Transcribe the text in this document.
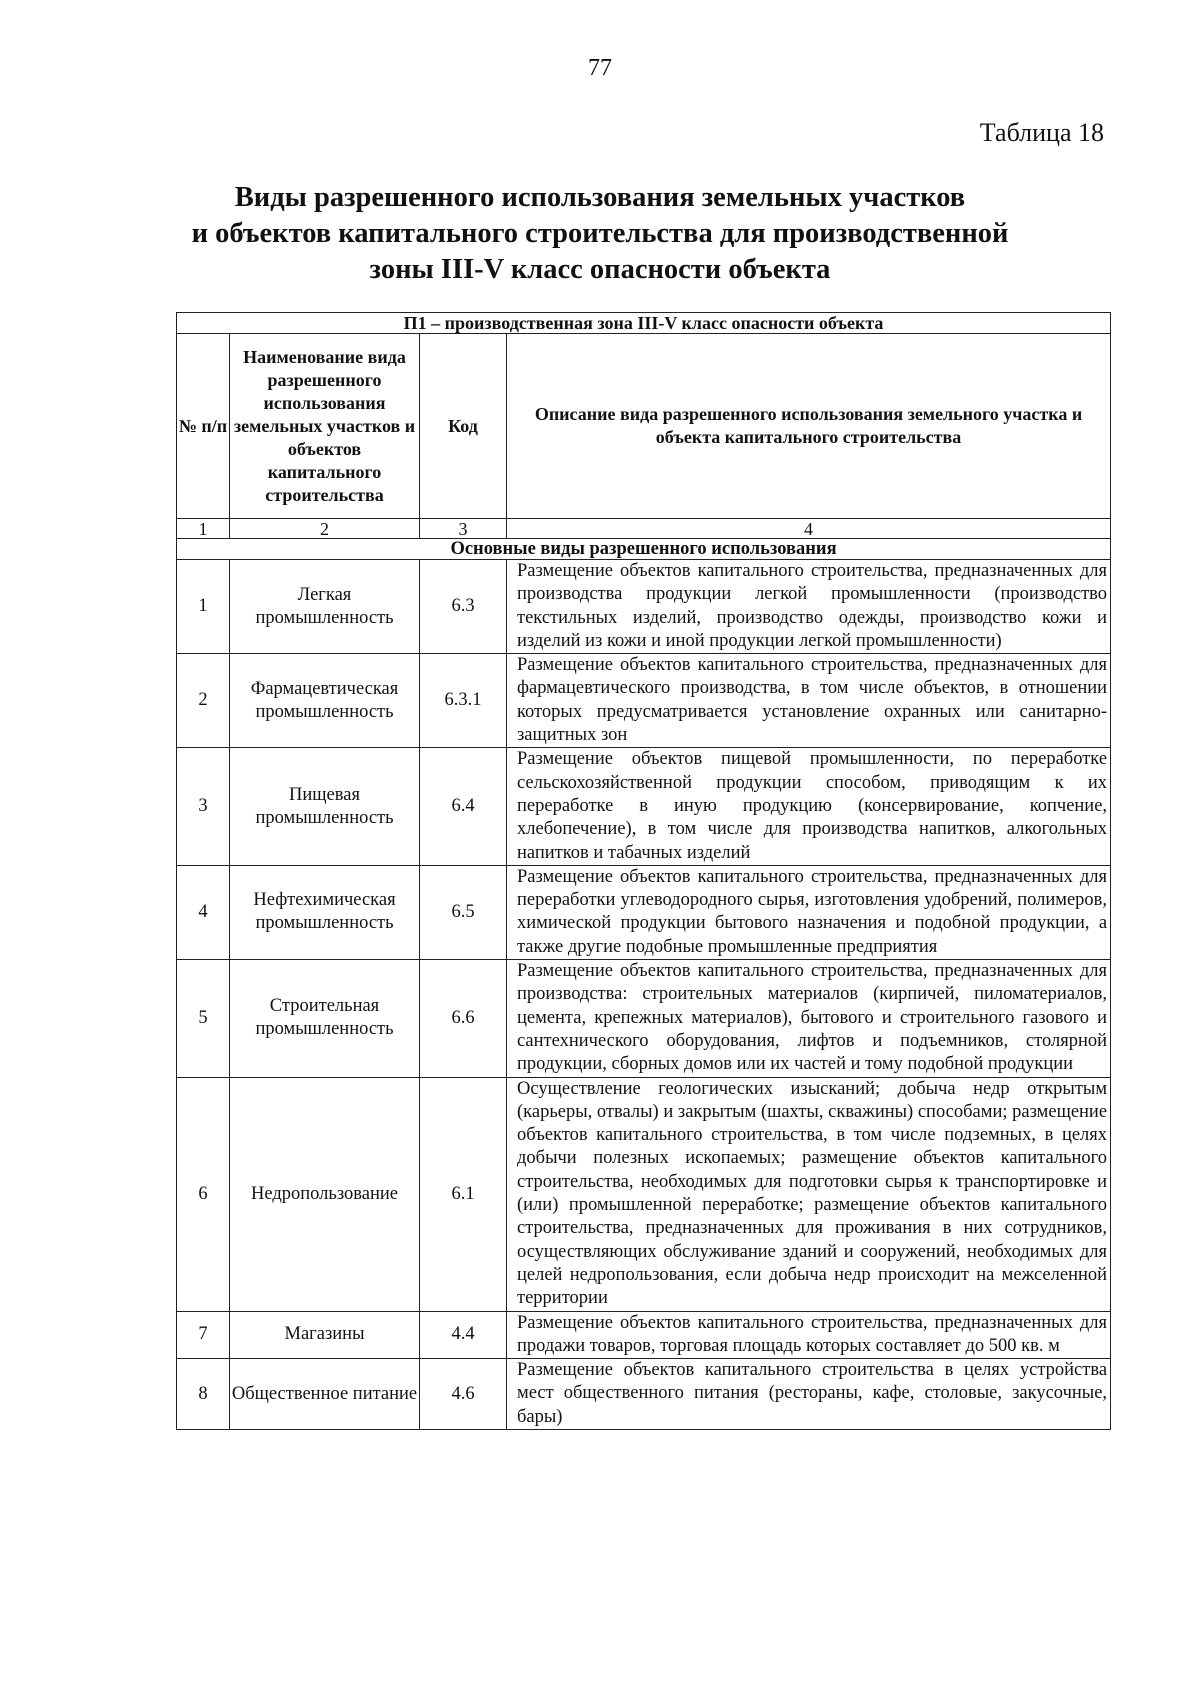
77
Таблица 18
Виды разрешенного использования земельных участков
и объектов капитального строительства для производственной
зоны III-V класс опасности объекта
П1 – производственная зона III-V класс опасности объекта			
№ п/п	Наименование вида разрешенного использования земельных участков и объектов капитального строительства	Код	Описание вида разрешенного использования земельного участка и объекта капитального строительства
1	2	3	4
Основные виды разрешенного использования			
1	Легкая промышленность	6.3	Размещение объектов капитального строительства, предназначенных для производства продукции легкой промышленности (производство текстильных изделий, производство одежды, производство кожи и изделий из кожи и иной продукции легкой промышленности)
2	Фармацевтическая промышленность	6.3.1	Размещение объектов капитального строительства, предназначенных для фармацевтического производства, в том числе объектов, в отношении которых предусматривается установление охранных или санитарно-защитных зон
3	Пищевая промышленность	6.4	Размещение объектов пищевой промышленности, по переработке сельскохозяйственной продукции способом, приводящим к их переработке в иную продукцию (консервирование, копчение, хлебопечение), в том числе для производства напитков, алкогольных напитков и табачных изделий
4	Нефтехимическая промышленность	6.5	Размещение объектов капитального строительства, предназначенных для переработки углеводородного сырья, изготовления удобрений, полимеров, химической продукции бытового назначения и подобной продукции, а также другие подобные промышленные предприятия
5	Строительная промышленность	6.6	Размещение объектов капитального строительства, предназначенных для производства: строительных материалов (кирпичей, пиломатериалов, цемента, крепежных материалов), бытового и строительного газового и сантехнического оборудования, лифтов и подъемников, столярной продукции, сборных домов или их частей и тому подобной продукции
6	Недропользование	6.1	Осуществление геологических изысканий; добыча недр открытым (карьеры, отвалы) и закрытым (шахты, скважины) способами; размещение объектов капитального строительства, в том числе подземных, в целях добычи полезных ископаемых; размещение объектов капитального строительства, необходимых для подготовки сырья к транспортировке и (или) промышленной переработке; размещение объектов капитального строительства, предназначенных для проживания в них сотрудников, осуществляющих обслуживание зданий и сооружений, необходимых для целей недропользования, если добыча недр происходит на межселенной территории
7	Магазины	4.4	Размещение объектов капитального строительства, предназначенных для продажи товаров, торговая площадь которых составляет до 500 кв. м
8	Общественное питание	4.6	Размещение объектов капитального строительства в целях устройства мест общественного питания (рестораны, кафе, столовые, закусочные, бары)
